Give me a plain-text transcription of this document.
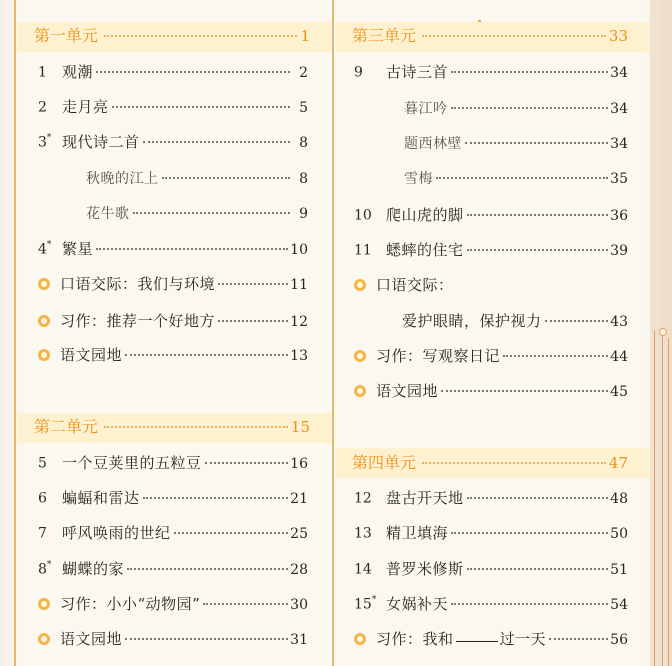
第一单元	1
1	观潮	2
2	走月亮	5
3* 现代诗二首	8
秋晚的江上	8
花牛歌	9
4* 繁星	10
口语交际：我们与环境	11
习作：推荐一个好地方	12
语文园地	13
第二单元	15
5	一个豆荚里的五粒豆	16
6	蝙蝠和雷达	21
7	呼风唤雨的世纪	25
8* 蝴蝶的家	28
习作：小小“动物园”	30
语文园地	31
第三单元	33
9	古诗三首	34
暮江吟	34
题西林壁	34
雪梅	35
10 爬山虎的脚	36
11 蟋蟀的住宅	39
口语交际：
爱护眼睛，保护视力	43
习作：写观察日记	44
语文园地	45
第四单元	47
12 盘古开天地	48
13 精卫填海	50
14 普罗米修斯	51
15* 女娲补天	54
习作：我和	过一天	56
